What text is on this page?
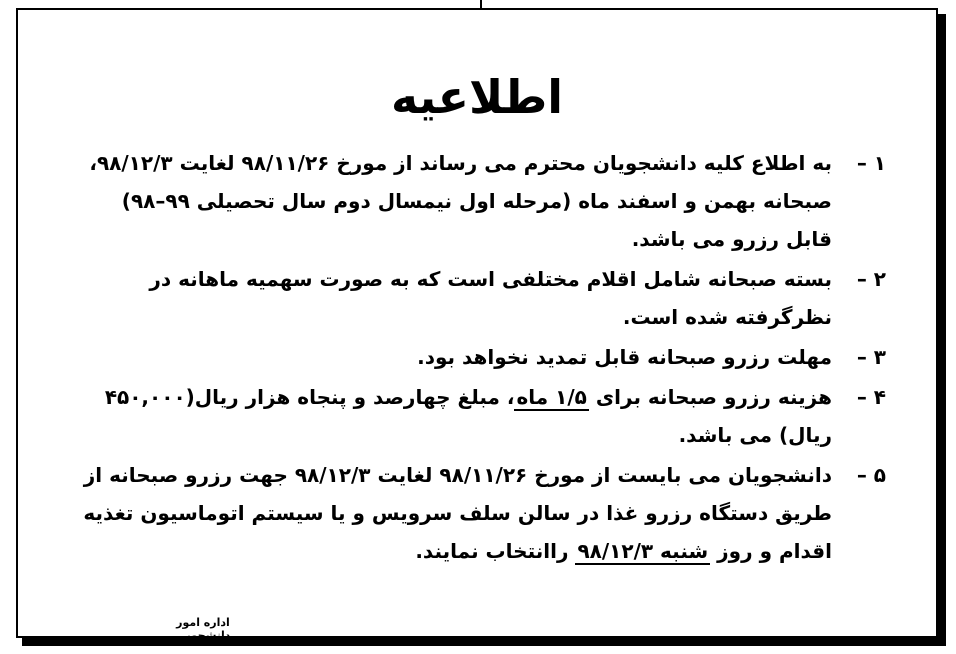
اطلاعیه
۱ –
به اطلاع کلیه دانشجویان محترم می رساند از مورخ ۹۸/۱۱/۲۶ لغایت ۹۸/۱۲/۳، صبحانه بهمن و اسفند ماه (مرحله اول نیمسال دوم سال تحصیلی ۹۹–۹۸) قابل رزرو می باشد.
۲ –
بسته صبحانه شامل اقلام مختلفی است که به صورت سهمیه ماهانه در نظرگرفته شده است.
۳ –
مهلت رزرو صبحانه قابل تمدید نخواهد بود.
۴ –
هزینه رزرو صبحانه برای ۱/۵ ماه، مبلغ چهارصد و پنجاه هزار ریال(۴۵۰,۰۰۰ ریال) می باشد.
۵ –
دانشجویان می بایست از مورخ ۹۸/۱۱/۲۶ لغایت ۹۸/۱۲/۳ جهت رزرو صبحانه از طریق دستگاه رزرو غذا در سالن سلف سرویس و یا سیستم اتوماسیون تغذیه اقدام و روز شنبه ۹۸/۱۲/۳ راانتخاب نمایند.
اداره امور دانشجویی
